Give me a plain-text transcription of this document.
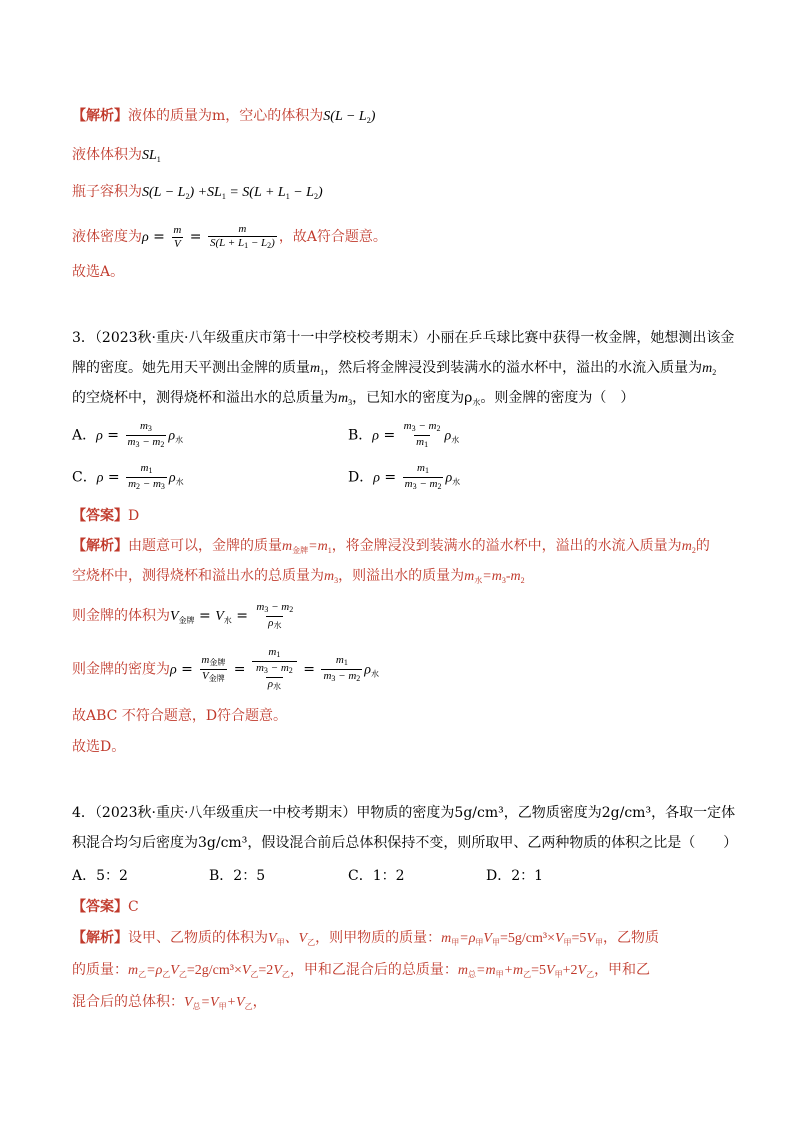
【解析】液体的质量为m，空心的体积为$S(L - L_2)$
液体体积为$SL_1$
瓶子容积为$S(L - L_2) +SL_1 = S(L + L_1 - L_2)$
液体密度为$\rho = \frac{m}{V} = \frac{m}{S(L + L_1 - L_2)}$ ，故A符合题意。
故选A。
3．（2023秋·重庆·八年级重庆市第十一中学校校考期末）小丽在乒乓球比赛中获得一枚金牌，她想测出该金
牌的密度。她先用天平测出金牌的质量$m_1$，然后将金牌浸没到装满水的溢水杯中，溢出的水流入质量为$m_2$
的空烧杯中，测得烧杯和溢出水的总质量为$m_3$，已知水的密度为$\rho_水$。则金牌的密度为（　）
A．$\rho = \frac{m_3}{m_3 - m_2} \rho_水$	B．$\rho = \frac{m_3 - m_2}{m_1} \rho_水$
C．$\rho = \frac{m_1}{m_2 - m_3} \rho_水$	D．$\rho = \frac{m_1}{m_3 - m_2} \rho_水$
【答案】D
【解析】由题意可以，金牌的质量$m_{金牌}=m_1$，将金牌浸没到装满水的溢水杯中，溢出的水流入质量为$m_2$的
空烧杯中，测得烧杯和溢出水的总质量为$m_3$，则溢出水的质量为$m_水=m_3-m_2$
则金牌的体积为$V_{金牌} = V_水 = \frac{m_3 - m_2}{\rho_水}$
则金牌的密度为$\rho = \frac{m_{金牌}}{V_{金牌}} = \frac{m_1}{\frac{m_3 - m_2}{\rho_水}} = \frac{m_1}{m_3 - m_2} \rho_水$
故ABC 不符合题意，D符合题意。
故选D。
4．（2023秋·重庆·八年级重庆一中校考期末）甲物质的密度为5g/cm³，乙物质密度为2g/cm³，各取一定体
积混合均匀后密度为3g/cm³，假设混合前后总体积保持不变，则所取甲、乙两种物质的体积之比是（　　）
A．5：2	B．2：5	C．1：2	D．2：1
【答案】C
【解析】设甲、乙物质的体积为$V_甲$、$V_乙$，则甲物质的质量：$m_甲=\rho_甲V_甲=5g/cm^3\times V_甲=5V_甲$，乙物质
的质量：$m_乙=\rho_乙V_乙=2g/cm^3\times V_乙=2V_乙$，甲和乙混合后的总质量：$m_总=m_甲+m_乙=5V_甲+2V_乙$，甲和乙
混合后的总体积：$V_总=V_甲+V_乙$，
